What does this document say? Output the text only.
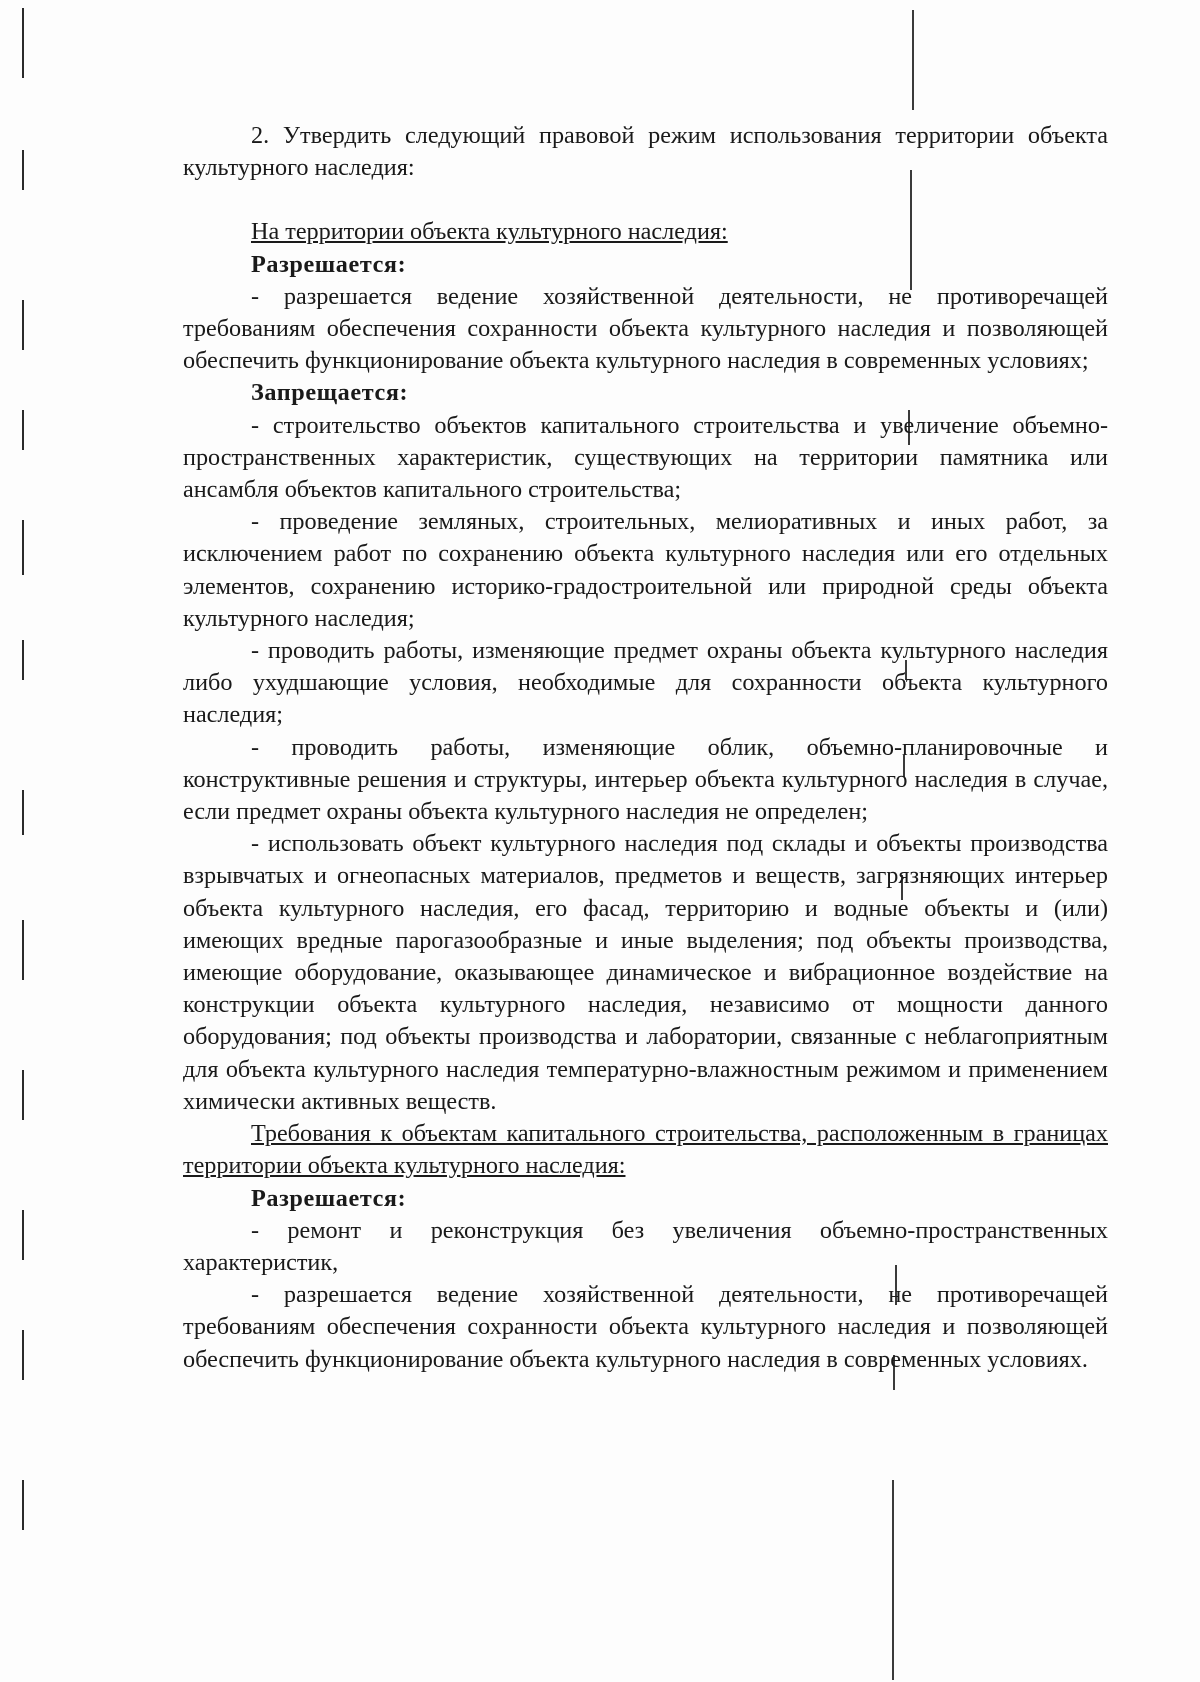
2. Утвердить следующий правовой режим использования территории объекта культурного наследия:

На территории объекта культурного наследия:

Разрешается:

- разрешается ведение хозяйственной деятельности, не противоречащей требованиям обеспечения сохранности объекта культурного наследия и позволяющей обеспечить функционирование объекта культурного наследия в современных условиях;

Запрещается:

- строительство объектов капитального строительства и увеличение объемно-пространственных характеристик, существующих на территории памятника или ансамбля объектов капитального строительства;

- проведение земляных, строительных, мелиоративных и иных работ, за исключением работ по сохранению объекта культурного наследия или его отдельных элементов, сохранению историко-градостроительной или природной среды объекта культурного наследия;

- проводить работы, изменяющие предмет охраны объекта культурного наследия либо ухудшающие условия, необходимые для сохранности объекта культурного наследия;

- проводить работы, изменяющие облик, объемно-планировочные и конструктивные решения и структуры, интерьер объекта культурного наследия в случае, если предмет охраны объекта культурного наследия не определен;

- использовать объект культурного наследия под склады и объекты производства взрывчатых и огнеопасных материалов, предметов и веществ, загрязняющих интерьер объекта культурного наследия, его фасад, территорию и водные объекты и (или) имеющих вредные парогазообразные и иные выделения; под объекты производства, имеющие оборудование, оказывающее динамическое и вибрационное воздействие на конструкции объекта культурного наследия, независимо от мощности данного оборудования; под объекты производства и лаборатории, связанные с неблагоприятным для объекта культурного наследия температурно-влажностным режимом и применением химически активных веществ.

Требования к объектам капитального строительства, расположенным в границах территории объекта культурного наследия:

Разрешается:

- ремонт и реконструкция без увеличения объемно-пространственных характеристик,

- разрешается ведение хозяйственной деятельности, не противоречащей требованиям обеспечения сохранности объекта культурного наследия и позволяющей обеспечить функционирование объекта культурного наследия в современных условиях.
